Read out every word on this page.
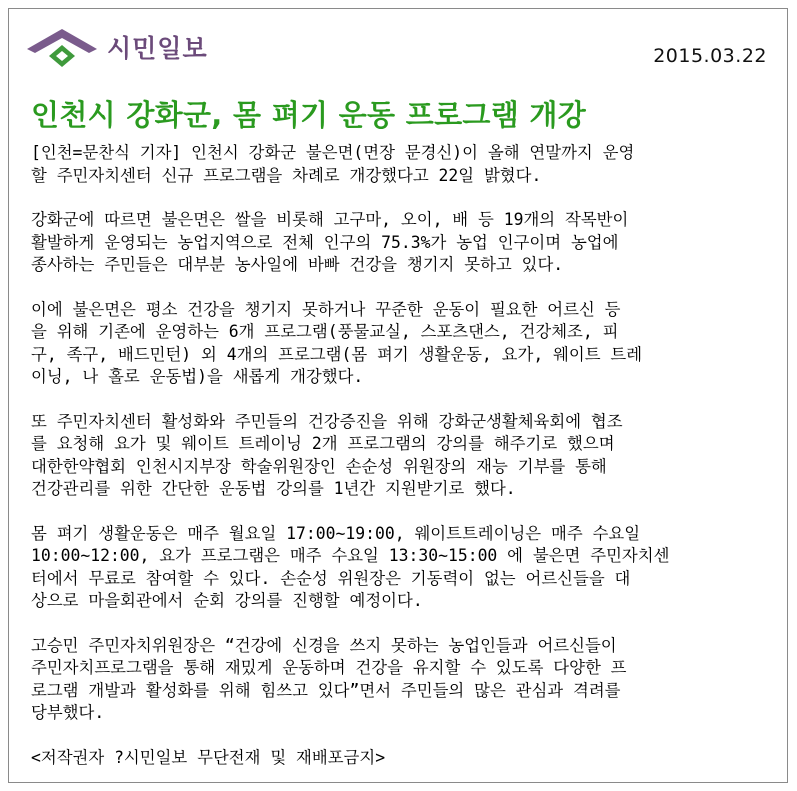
시민일보	2015.03.22
인천시 강화군, 몸 펴기 운동 프로그램 개강

[인천=문찬식 기자] 인천시 강화군 불은면(면장 문경신)이 올해 연말까지 운영
할 주민자치센터 신규 프로그램을 차례로 개강했다고 22일 밝혔다.

강화군에 따르면 불은면은 쌀을 비롯해 고구마, 오이, 배 등 19개의 작목반이
활발하게 운영되는 농업지역으로 전체 인구의 75.3%가 농업 인구이며 농업에
종사하는 주민들은 대부분 농사일에 바빠 건강을 챙기지 못하고 있다.

이에 불은면은 평소 건강을 챙기지 못하거나 꾸준한 운동이 필요한 어르신 등
을 위해 기존에 운영하는 6개 프로그램(풍물교실, 스포츠댄스, 건강체조, 피
구, 족구, 배드민턴) 외 4개의 프로그램(몸 펴기 생활운동, 요가, 웨이트 트레
이닝, 나 홀로 운동법)을 새롭게 개강했다.

또 주민자치센터 활성화와 주민들의 건강증진을 위해 강화군생활체육회에 협조
를 요청해 요가 및 웨이트 트레이닝 2개 프로그램의 강의를 해주기로 했으며
대한한약협회 인천시지부장 학술위원장인 손순성 위원장의 재능 기부를 통해
건강관리를 위한 간단한 운동법 강의를 1년간 지원받기로 했다.

몸 펴기 생활운동은 매주 월요일 17:00~19:00, 웨이트트레이닝은 매주 수요일
10:00~12:00, 요가 프로그램은 매주 수요일 13:30~15:00 에 불은면 주민자치센
터에서 무료로 참여할 수 있다. 손순성 위원장은 기동력이 없는 어르신들을 대
상으로 마을회관에서 순회 강의를 진행할 예정이다.

고승민 주민자치위원장은 “건강에 신경을 쓰지 못하는 농업인들과 어르신들이
주민자치프로그램을 통해 재밌게 운동하며 건강을 유지할 수 있도록 다양한 프
로그램 개발과 활성화를 위해 힘쓰고 있다”면서 주민들의 많은 관심과 격려를
당부했다.

<저작권자 ?시민일보 무단전재 및 재배포금지>
